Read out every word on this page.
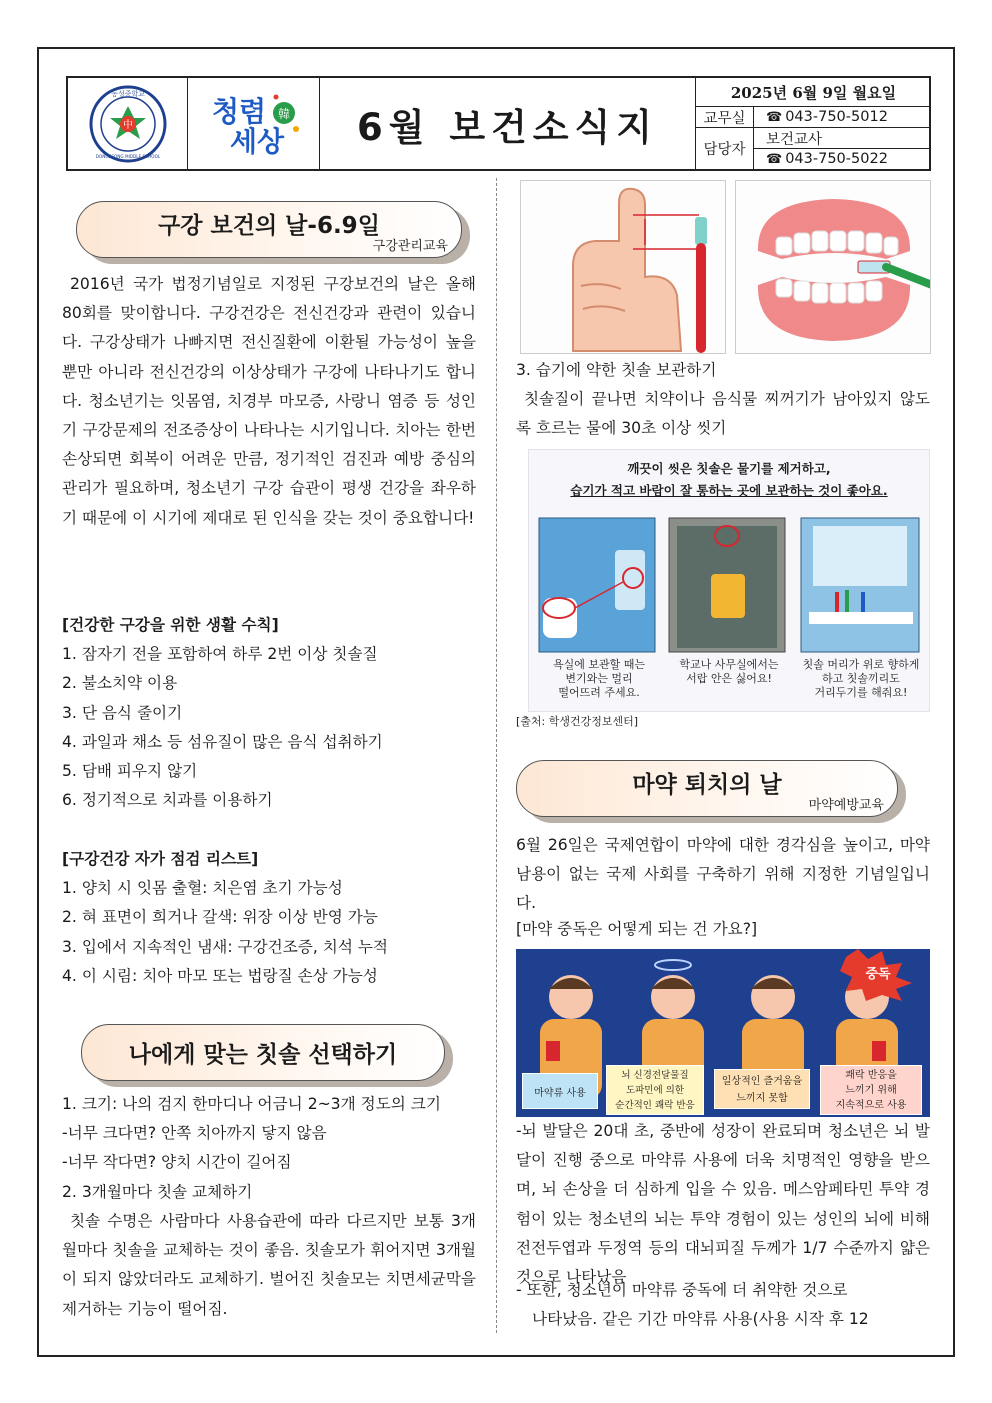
中
동성중학교
DONGSEONG MIDDLE SCHOOL
청렴
세상
韓 6월 보건소식지
2025년 6월 9일 월요일
교무실	☎ 043-750-5012
담당자
보건교사
☎ 043-750-5022
구강 보건의 날-6.9일
구강관리교육
2016년 국가 법정기념일로 지정된 구강보건의 날은 올해 80회를 맞이합니다. 구강건강은 전신건강과 관련이 있습니다. 구강상태가 나빠지면 전신질환에 이환될 가능성이 높을 뿐만 아니라 전신건강의 이상상태가 구강에 나타나기도 합니다. 청소년기는 잇몸염, 치경부 마모증, 사랑니 염증 등 성인기 구강문제의 전조증상이 나타나는 시기입니다. 치아는 한번 손상되면 회복이 어려운 만큼, 정기적인 검진과 예방 중심의 관리가 필요하며, 청소년기 구강 습관이 평생 건강을 좌우하기 때문에 이 시기에 제대로 된 인식을 갖는 것이 중요합니다!

[건강한 구강을 위한 생활 수칙]

1. 잠자기 전을 포함하여 하루 2번 이상 칫솔질

2. 불소치약 이용

3. 단 음식 줄이기

4. 과일과 채소 등 섬유질이 많은 음식 섭취하기

5. 담배 피우지 않기

6. 정기적으로 치과를 이용하기

[구강건강 자가 점검 리스트]

1. 양치 시 잇몸 출혈: 치은염 초기 가능성

2. 혀 표면이 희거나 갈색: 위장 이상 반영 가능

3. 입에서 지속적인 냄새: 구강건조증, 치석 누적

4. 이 시림: 치아 마모 또는 법랑질 손상 가능성

나에게 맞는 칫솔 선택하기

1. 크기: 나의 검지 한마디나 어금니 2~3개 정도의 크기

-너무 크다면? 안쪽 치아까지 닿지 않음

-너무 작다면? 양치 시간이 길어짐

2. 3개월마다 칫솔 교체하기

칫솔 수명은 사람마다 사용습관에 따라 다르지만 보통 3개월마다 칫솔을 교체하는 것이 좋음. 칫솔모가 휘어지면 3개월이 되지 않았더라도 교체하기. 벌어진 칫솔모는 치면세균막을 제거하는 기능이 떨어짐.
3. 습기에 약한 칫솔 보관하기
칫솔질이 끝나면 치약이나 음식물 찌꺼기가 남아있지 않도록 흐르는 물에 30초 이상 씻기
깨끗이 씻은 칫솔은 물기를 제거하고,
습기가 적고 바람이 잘 통하는 곳에 보관하는 것이 좋아요.
욕실에 보관할 때는
변기와는 멀리
떨어뜨려 주세요.
학교나 사무실에서는
서랍 안은 싫어요!
칫솔 머리가 위로 향하게
하고 칫솔끼리도
거리두기를 해줘요!
[출처: 학생건강정보센터]
마약 퇴치의 날
마약예방교육
6월 26일은 국제연합이 마약에 대한 경각심을 높이고, 마약 남용이 없는 국제 사회를 구축하기 위해 지정한 기념일입니다.
[마약 중독은 어떻게 되는 건 가요?]
중독
마약류 사용
뇌 신경전달물질
도파민에 의한
순간적인 쾌락 반응
일상적인 즐거움을
느끼지 못함
쾌락 반응을
느끼기 위해
지속적으로 사용
-뇌 발달은 20대 초, 중반에 성장이 완료되며 청소년은 뇌 발달이 진행 중으로 마약류 사용에 더욱 치명적인 영향을 받으며, 뇌 손상을 더 심하게 입을 수 있음. 메스암페타민 투약 경험이 있는 청소년의 뇌는 투약 경험이 있는 성인의 뇌에 비해 전전두엽과 두정역 등의 대뇌피질 두께가 1/7 수준까지 얇은 것으로 나타났음
- 또한, 청소년이 마약류 중독에 더 취약한 것으로
나타났음. 같은 기간 마약류 사용(사용 시작 후 12
